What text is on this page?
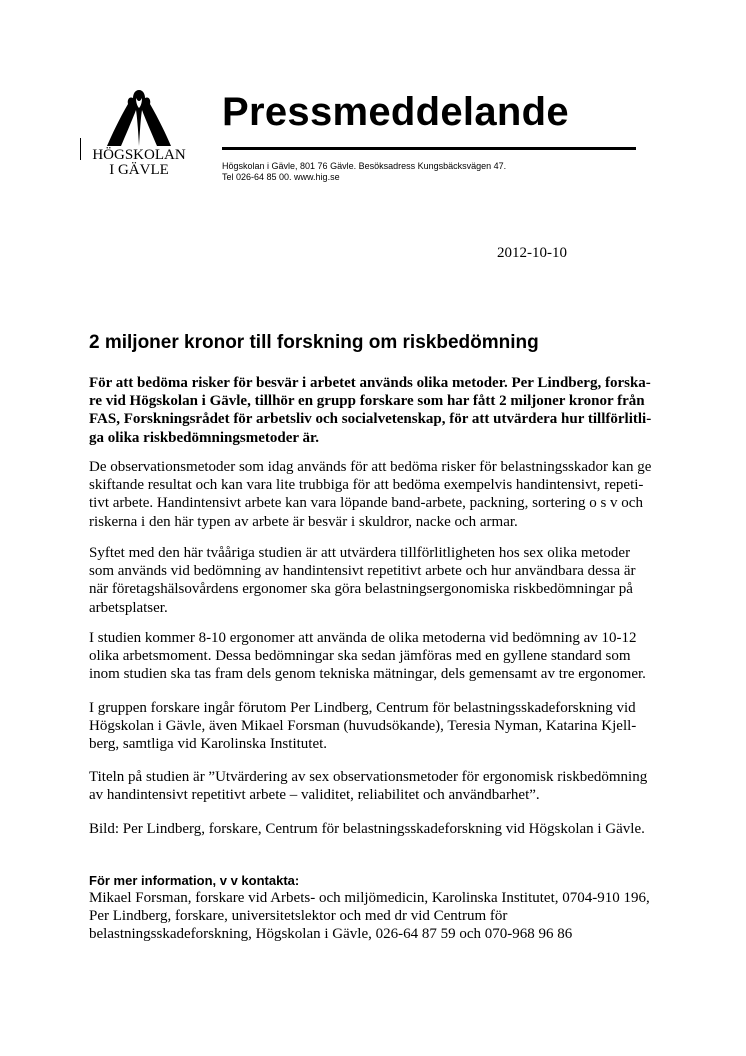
HÖGSKOLAN
I GÄVLE
Pressmeddelande
Högskolan i Gävle, 801 76 Gävle. Besöksadress Kungsbäcksvägen 47.
Tel 026-64 85 00. www.hig.se
2012-10-10
2 miljoner kronor till forskning om riskbedömning
För att bedöma risker för besvär i arbetet används olika metoder. Per Lindberg, forska-
re vid Högskolan i Gävle, tillhör en grupp forskare som har fått 2 miljoner kronor från
FAS, Forskningsrådet för arbetsliv och socialvetenskap, för att utvärdera hur tillförlitli-
ga olika riskbedömningsmetoder är.
De observationsmetoder som idag används för att bedöma risker för belastningsskador kan ge
skiftande resultat och kan vara lite trubbiga för att bedöma exempelvis handintensivt, repeti-
tivt arbete. Handintensivt arbete kan vara löpande band-arbete, packning, sortering o s v och
riskerna i den här typen av arbete är besvär i skuldror, nacke och armar.
Syftet med den här tvååriga studien är att utvärdera tillförlitligheten hos sex olika metoder
som används vid bedömning av handintensivt repetitivt arbete och hur användbara dessa är
när företagshälsovårdens ergonomer ska göra belastningsergonomiska riskbedömningar på
arbetsplatser.
I studien kommer 8-10 ergonomer att använda de olika metoderna vid bedömning av 10-12
olika arbetsmoment. Dessa bedömningar ska sedan jämföras med en gyllene standard som
inom studien ska tas fram dels genom tekniska mätningar, dels gemensamt av tre ergonomer.
I gruppen forskare ingår förutom Per Lindberg, Centrum för belastningsskadeforskning vid
Högskolan i Gävle, även Mikael Forsman (huvudsökande), Teresia Nyman, Katarina Kjell-
berg, samtliga vid Karolinska Institutet.
Titeln på studien är ”Utvärdering av sex observationsmetoder för ergonomisk riskbedömning
av handintensivt repetitivt arbete – validitet, reliabilitet och användbarhet”.
Bild: Per Lindberg, forskare, Centrum för belastningsskadeforskning vid Högskolan i Gävle.
För mer information, v v kontakta:
Mikael Forsman, forskare vid Arbets- och miljömedicin, Karolinska Institutet, 0704-910 196,
Per Lindberg, forskare, universitetslektor och med dr vid Centrum för
belastningsskadeforskning, Högskolan i Gävle, 026-64 87 59 och 070-968 96 86
